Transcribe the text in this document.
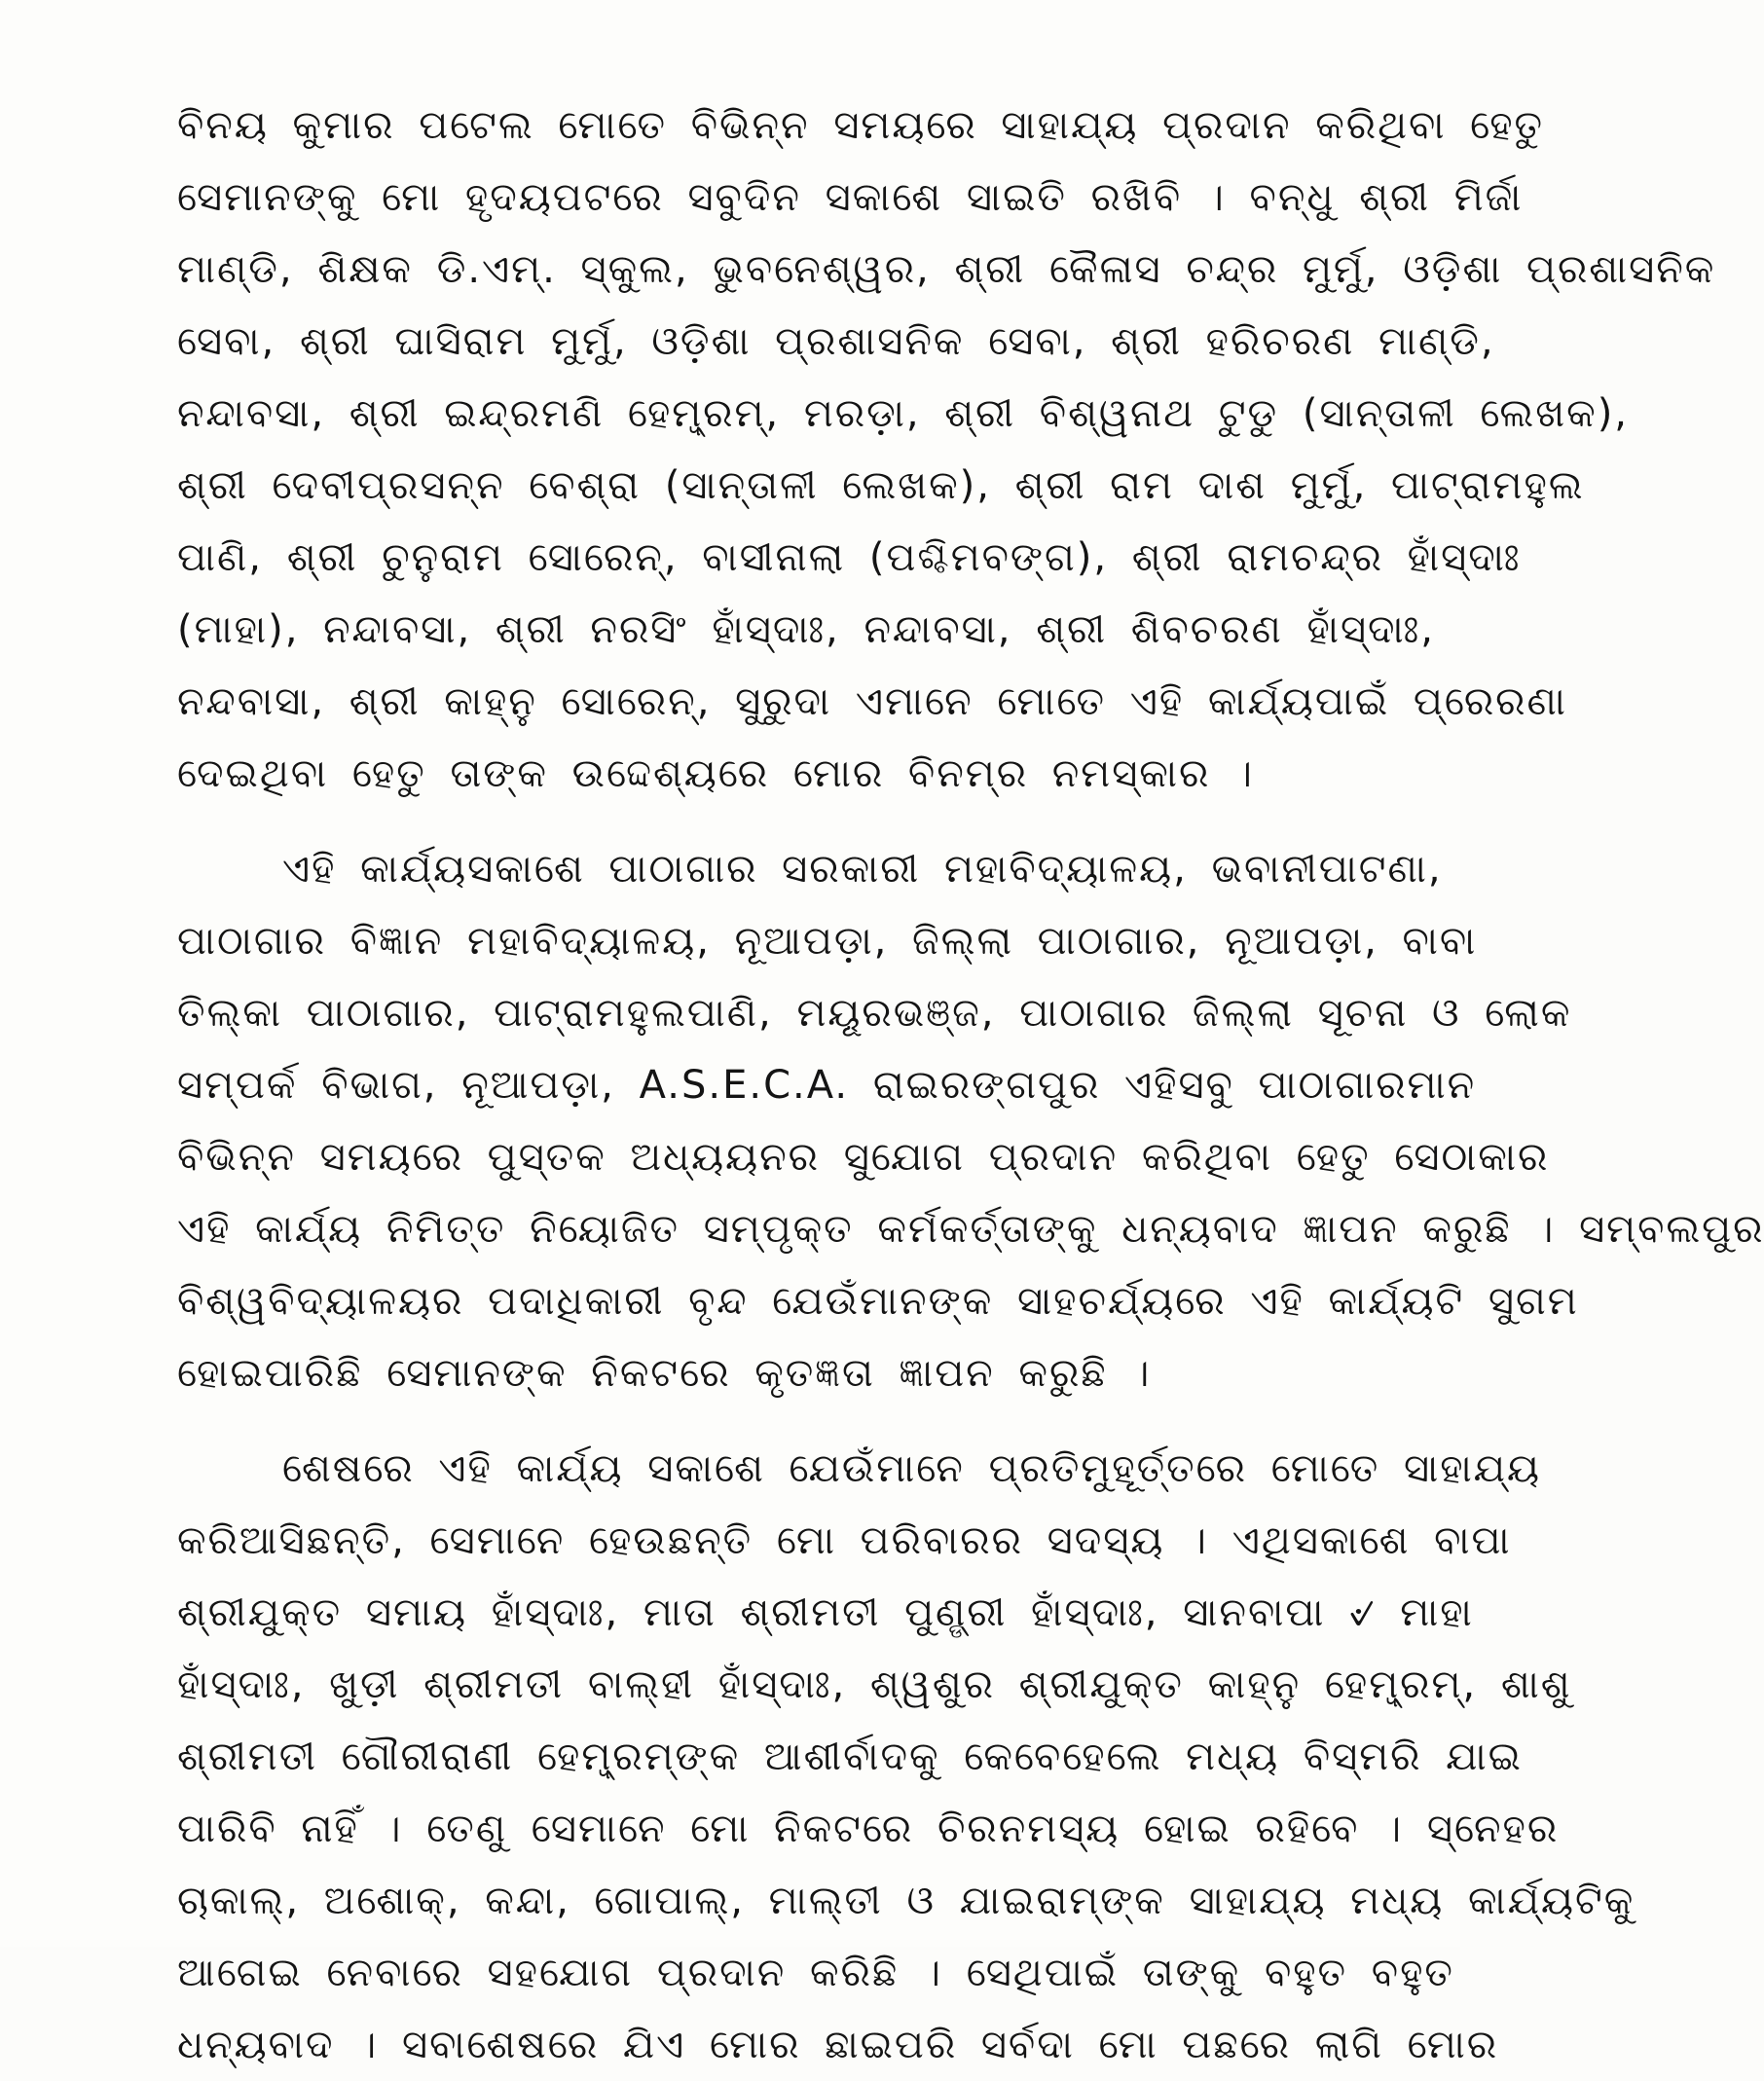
ବିନୟ କୁମାର ପଟେଲ ମୋତେ ବିଭିନ୍ନ ସମୟରେ ସାହାଯ୍ୟ ପ୍ରଦାନ କରିଥିବା ହେତୁ
ସେମାନଙ୍କୁ ମୋ ହୃଦୟପଟରେ ସବୁଦିନ ସକାଶେ ସାଇତି ରଖିବି । ବନ୍ଧୁ ଶ୍ରୀ ମିର୍ଜା
ମାଣ୍ଡି, ଶିକ୍ଷକ ଡି.ଏମ୍. ସ୍କୁଲ, ଭୁବନେଶ୍ୱର, ଶ୍ରୀ କୈଳାସ ଚନ୍ଦ୍ର ମୁର୍ମୁ, ଓଡ଼ିଶା ପ୍ରଶାସନିକ
ସେବା, ଶ୍ରୀ ଘାସିରାମ ମୁର୍ମୁ, ଓଡ଼ିଶା ପ୍ରଶାସନିକ ସେବା, ଶ୍ରୀ ହରିଚରଣ ମାଣ୍ଡି,
ନନ୍ଦାବସା, ଶ୍ରୀ ଇନ୍ଦ୍ରମଣି ହେମ୍ବ୍ରମ୍, ମରଡ଼ା, ଶ୍ରୀ ବିଶ୍ୱନାଥ ଟୁଡୁ (ସାନ୍ତାଳୀ ଲେଖକ),
ଶ୍ରୀ ଦେବୀପ୍ରସନ୍ନ ବେଶ୍ରା (ସାନ୍ତାଳୀ ଲେଖକ), ଶ୍ରୀ ରାମ ଦାଶ ମୁର୍ମୁ, ପାଟ୍ରାମହୁଲ
ପାଣି, ଶ୍ରୀ ଚୁନୁରାମ ସୋରେନ୍, ବାସୀନାଲା (ପଶ୍ଚିମବଙ୍ଗ), ଶ୍ରୀ ରାମଚନ୍ଦ୍ର ହାଁସ୍‌ଦାଃ
(ମାହା), ନନ୍ଦାବସା, ଶ୍ରୀ ନରସିଂ ହାଁସ୍‌ଦାଃ, ନନ୍ଦାବସା, ଶ୍ରୀ ଶିବଚରଣ ହାଁସ୍‌ଦାଃ,
ନନ୍ଦବାସା, ଶ୍ରୀ କାହ୍ନୁ ସୋରେନ୍, ସୁରୁଦା ଏମାନେ ମୋତେ ଏହି କାର୍ଯ୍ୟପାଇଁ ପ୍ରେରଣା
ଦେଇଥିବା ହେତୁ ତାଙ୍କ ଉଦ୍ଦେଶ୍ୟରେ ମୋର ବିନମ୍ର ନମସ୍କାର ।
ଏହି କାର୍ଯ୍ୟସକାଶେ ପାଠାଗାର ସରକାରୀ ମହାବିଦ୍ୟାଳୟ, ଭବାନୀପାଟଣା,
ପାଠାଗାର ବିଜ୍ଞାନ ମହାବିଦ୍ୟାଳୟ, ନୂଆପଡ଼ା, ଜିଲ୍ଲା ପାଠାଗାର, ନୂଆପଡ଼ା, ବାବା
ତିଲ୍‌କା ପାଠାଗାର, ପାଟ୍ରାମହୁଲପାଣି, ମୟୂରଭଞ୍ଜ, ପାଠାଗାର ଜିଲ୍ଲା ସୂଚନା ଓ ଲୋକ
ସମ୍ପର୍କ ବିଭାଗ, ନୂଆପଡ଼ା, A.S.E.C.A. ରାଇରଙ୍ଗପୁର ଏହିସବୁ ପାଠାଗାରମାନ
ବିଭିନ୍ନ ସମୟରେ ପୁସ୍ତକ ଅଧ୍ୟୟନର ସୁଯୋଗ ପ୍ରଦାନ କରିଥିବା ହେତୁ ସେଠାକାର
ଏହି କାର୍ଯ୍ୟ ନିମିତ୍ତ ନିୟୋଜିତ ସମ୍ପୃକ୍ତ କର୍ମକର୍ତ୍ତାଙ୍କୁ ଧନ୍ୟବାଦ ଜ୍ଞାପନ କରୁଛି । ସମ୍ବଲପୁର
ବିଶ୍ୱବିଦ୍ୟାଳୟର ପଦାଧିକାରୀ ବୃନ୍ଦ ଯେଉଁମାନଙ୍କ ସାହଚର୍ଯ୍ୟରେ ଏହି କାର୍ଯ୍ୟଟି ସୁଗମ
ହୋଇପାରିଛି ସେମାନଙ୍କ ନିକଟରେ କୃତଜ୍ଞତା ଜ୍ଞାପନ କରୁଛି ।
ଶେଷରେ ଏହି କାର୍ଯ୍ୟ ସକାଶେ ଯେଉଁମାନେ ପ୍ରତିମୁହୂର୍ତ୍ତରେ ମୋତେ ସାହାଯ୍ୟ
କରିଆସିଛନ୍ତି, ସେମାନେ ହେଉଛନ୍ତି ମୋ ପରିବାରର ସଦସ୍ୟ । ଏଥିସକାଶେ ବାପା
ଶ୍ରୀଯୁକ୍ତ ସମାୟ ହାଁସ୍‌ଦାଃ, ମାତା ଶ୍ରୀମତୀ ପୁଣ୍ଡ୍ରୀ ହାଁସ୍‌ଦାଃ, ସାନବାପା ୰ ମାହା
ହାଁସ୍‌ଦାଃ, ଖୁଡ଼ୀ ଶ୍ରୀମତୀ ବାଲ୍‌ହୀ ହାଁସ୍‌ଦାଃ, ଶ୍ୱଶୁର ଶ୍ରୀଯୁକ୍ତ କାହ୍ନୁ ହେମ୍ବ୍ରମ୍, ଶାଶୁ
ଶ୍ରୀମତୀ ଗୌରୀରାଣୀ ହେମ୍ବ୍ରମ୍‌ଙ୍କ ଆଶୀର୍ବାଦକୁ କେବେହେଲେ ମଧ୍ୟ ବିସ୍ମରି ଯାଇ
ପାରିବି ନାହିଁ । ତେଣୁ ସେମାନେ ମୋ ନିକଟରେ ଚିରନମସ୍ୟ ହୋଇ ରହିବେ । ସ୍ନେହର
ଚାକାଲ୍, ଅଶୋକ୍, କନ୍ଦା, ଗୋପାଲ୍, ମାଲ୍‌ତୀ ଓ ଯାଇରାମ୍‌ଙ୍କ ସାହାଯ୍ୟ ମଧ୍ୟ କାର୍ଯ୍ୟଟିକୁ
ଆଗେଇ ନେବାରେ ସହଯୋଗ ପ୍ରଦାନ କରିଛି । ସେଥିପାଇଁ ତାଙ୍କୁ ବହୁତ ବହୁତ
ଧନ୍ୟବାଦ । ସବାଶେଷରେ ଯିଏ ମୋର ଛାଇପରି ସର୍ବଦା ମୋ ପଛରେ ଲାଗି ମୋର
